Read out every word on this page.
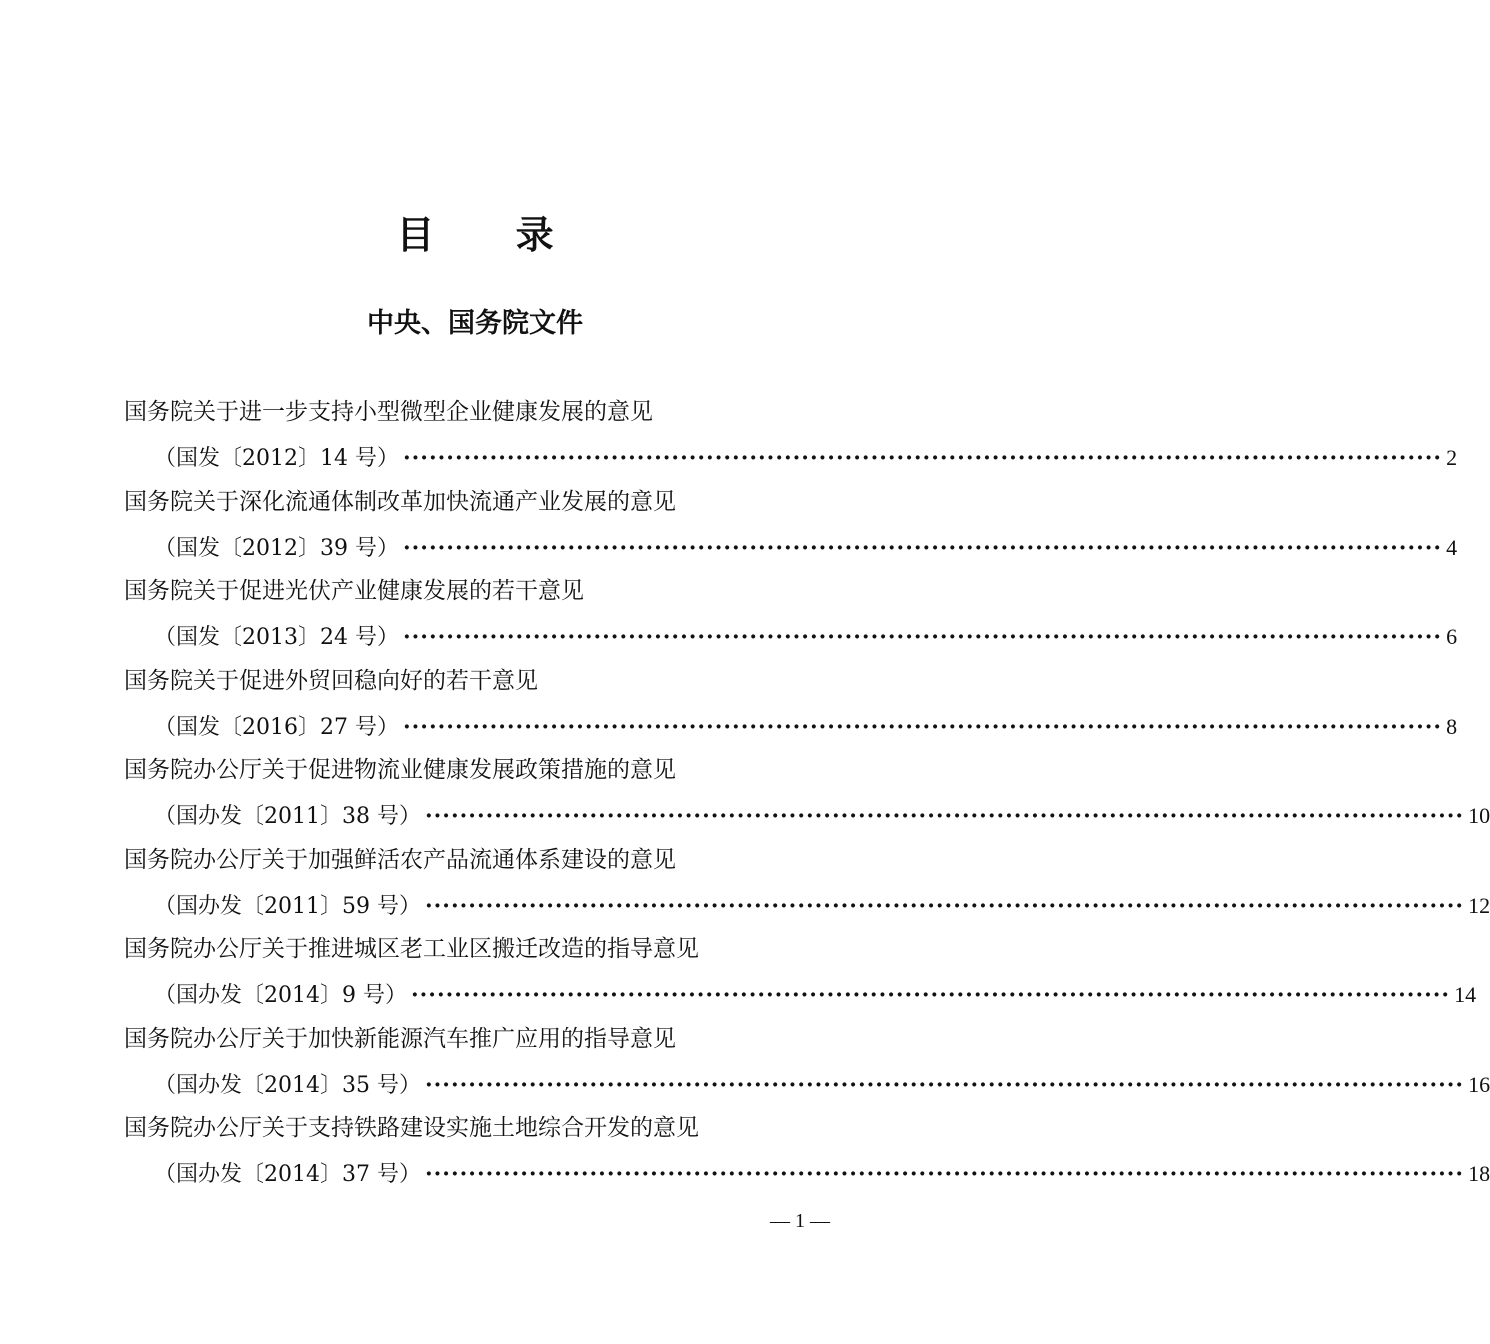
目 录
中央、国务院文件
国务院关于进一步支持小型微型企业健康发展的意见
（国发〔2012〕14 号） ························································································································ 2
国务院关于深化流通体制改革加快流通产业发展的意见
（国发〔2012〕39 号） ························································································································ 4
国务院关于促进光伏产业健康发展的若干意见
（国发〔2013〕24 号） ························································································································ 6
国务院关于促进外贸回稳向好的若干意见
（国发〔2016〕27 号） ························································································································ 8
国务院办公厅关于促进物流业健康发展政策措施的意见
（国办发〔2011〕38 号） ························································································································ 10
国务院办公厅关于加强鲜活农产品流通体系建设的意见
（国办发〔2011〕59 号） ························································································································ 12
国务院办公厅关于推进城区老工业区搬迁改造的指导意见
（国办发〔2014〕9 号） ························································································································ 14
国务院办公厅关于加快新能源汽车推广应用的指导意见
（国办发〔2014〕35 号） ························································································································ 16
国务院办公厅关于支持铁路建设实施土地综合开发的意见
（国办发〔2014〕37 号） ························································································································ 18
— 1 —
